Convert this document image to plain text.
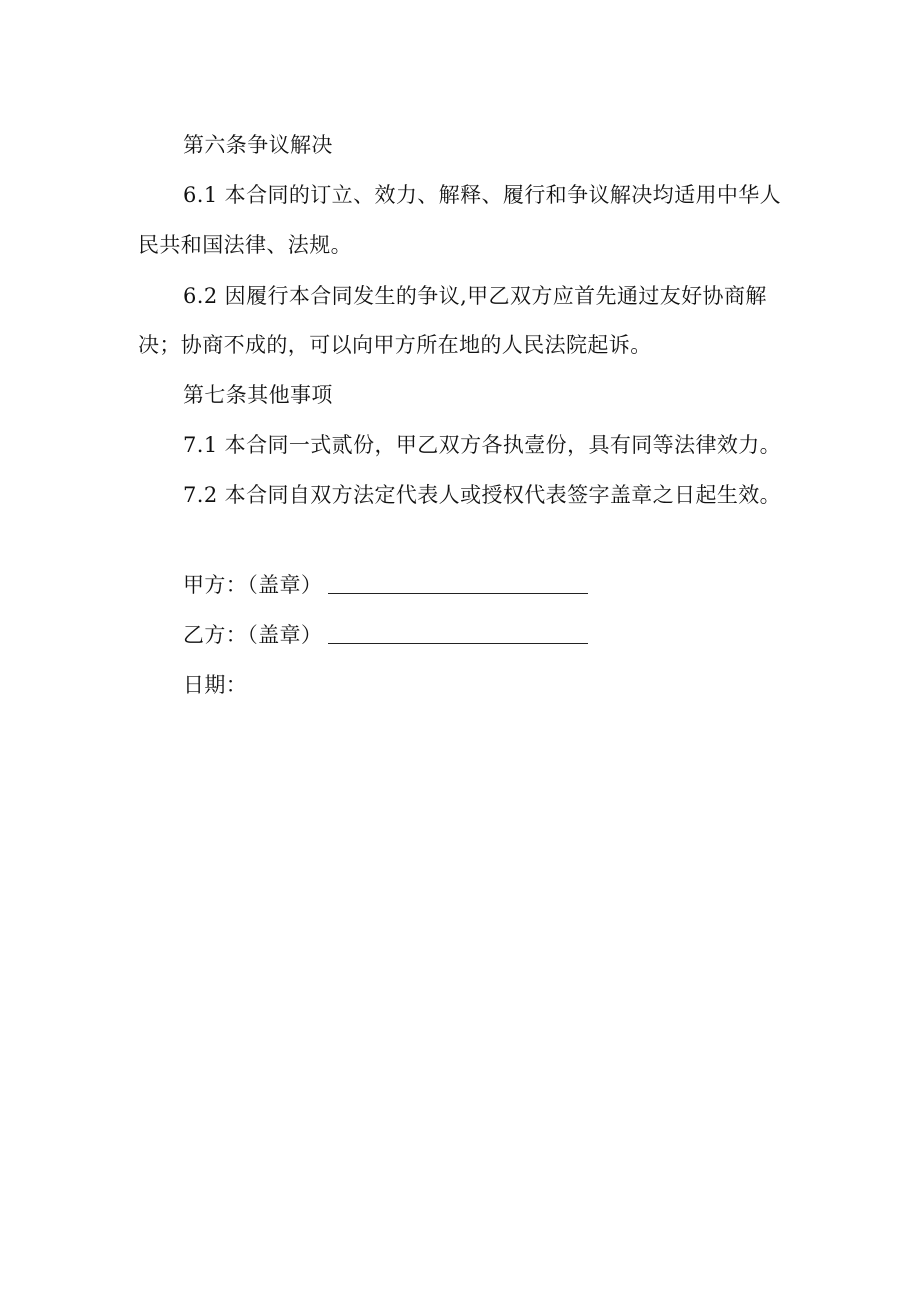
第六条争议解决
6.1 本合同的订立、效力、解释、履行和争议解决均适用中华人
民共和国法律、法规。
6.2 因履行本合同发生的争议,甲乙双方应首先通过友好协商解
决；协商不成的，可以向甲方所在地的人民法院起诉。
第七条其他事项
7.1 本合同一式贰份，甲乙双方各执壹份，具有同等法律效力。
7.2 本合同自双方法定代表人或授权代表签字盖章之日起生效。
甲方：（盖章）
乙方：（盖章）
日期：
